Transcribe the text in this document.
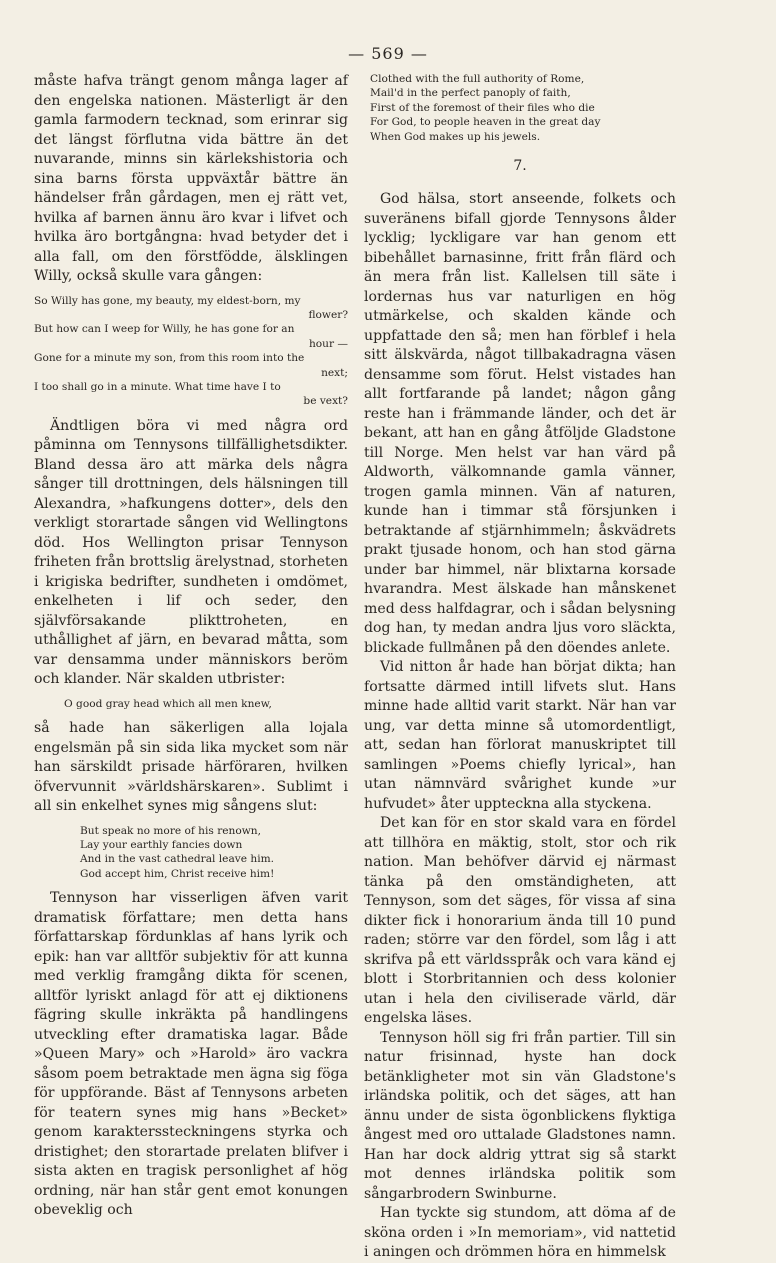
— 569 —

måste hafva trängt genom många lager af den engelska nationen. Mästerligt är den gamla farmodern tecknad, som erinrar sig det längst förflutna vida bättre än det nuvarande, minns sin kärlekshistoria och sina barns första uppväxtår bättre än händelser från gårdagen, men ej rätt vet, hvilka af barnen ännu äro kvar i lifvet och hvilka äro bortgångna: hvad betyder det i alla fall, om den förstfödde, älsklingen Willy, också skulle vara gången:

So Willy has gone, my beauty, my eldest-born, my
flower?
But how can I weep for Willy, he has gone for an
hour —
Gone for a minute my son, from this room into the
next;
I too shall go in a minute. What time have I to
be vext?

Ändtligen böra vi med några ord påminna om Tennysons tillfällighetsdikter. Bland dessa äro att märka dels några sånger till drottningen, dels hälsningen till Alexandra, »hafkungens dotter», dels den verkligt storartade sången vid Wellingtons död. Hos Wellington prisar Tennyson friheten från brottslig ärelystnad, storheten i krigiska bedrifter, sundheten i omdömet, enkelheten i lif och seder, den självförsakande plikttroheten, en uthållighet af järn, en bevarad måtta, som var densamma under människors beröm och klander. När skalden utbrister:

O good gray head which all men knew,

så hade han säkerligen alla lojala engelsmän på sin sida lika mycket som när han särskildt prisade härföraren, hvilken öfvervunnit »världshärskaren». Sublimt i all sin enkelhet synes mig sångens slut:

But speak no more of his renown,
Lay your earthly fancies down
And in the vast cathedral leave him.
God accept him, Christ receive him!

Tennyson har visserligen äfven varit dramatisk författare; men detta hans författarskap fördunklas af hans lyrik och epik: han var alltför subjektiv för att kunna med verklig framgång dikta för scenen, alltför lyriskt anlagd för att ej diktionens fägring skulle inkräkta på handlingens utveckling efter dramatiska lagar. Både »Queen Mary» och »Harold» äro vackra såsom poem betraktade men ägna sig föga för uppförande. Bäst af Tennysons arbeten för teatern synes mig hans »Becket» genom karakterssteckningens styrka och dristighet; den storartade prelaten blifver i sista akten en tragisk personlighet af hög ordning, när han står gent emot konungen obeveklig och

Clothed with the full authority of Rome,
Mail'd in the perfect panoply of faith,
First of the foremost of their files who die
For God, to people heaven in the great day
When God makes up his jewels.
7.

God hälsa, stort anseende, folkets och suveränens bifall gjorde Tennysons ålder lycklig; lyckligare var han genom ett bibehållet barnasinne, fritt från flärd och än mera från list. Kallelsen till säte i lordernas hus var naturligen en hög utmärkelse, och skalden kände och uppfattade den så; men han förblef i hela sitt älskvärda, något tillbakadragna väsen densamme som förut. Helst vistades han allt fortfarande på landet; någon gång reste han i främmande länder, och det är bekant, att han en gång åtföljde Gladstone till Norge. Men helst var han värd på Aldworth, välkomnande gamla vänner, trogen gamla minnen. Vän af naturen, kunde han i timmar stå försjunken i betraktande af stjärnhimmeln; åskvädrets prakt tjusade honom, och han stod gärna under bar himmel, när blixtarna korsade hvarandra. Mest älskade han månskenet med dess halfdagrar, och i sådan belysning dog han, ty medan andra ljus voro släckta, blickade fullmånen på den döendes anlete.

Vid nitton år hade han börjat dikta; han fortsatte därmed intill lifvets slut. Hans minne hade alltid varit starkt. När han var ung, var detta minne så utomordentligt, att, sedan han förlorat manuskriptet till samlingen »Poems chiefly lyrical», han utan nämnvärd svårighet kunde »ur hufvudet» åter uppteckna alla styckena.

Det kan för en stor skald vara en fördel att tillhöra en mäktig, stolt, stor och rik nation. Man behöfver därvid ej närmast tänka på den omständigheten, att Tennyson, som det säges, för vissa af sina dikter fick i honorarium ända till 10 pund raden; större var den fördel, som låg i att skrifva på ett världsspråk och vara känd ej blott i Storbritannien och dess kolonier utan i hela den civiliserade värld, där engelska läses.

Tennyson höll sig fri från partier. Till sin natur frisinnad, hyste han dock betänkligheter mot sin vän Gladstone's irländska politik, och det säges, att han ännu under de sista ögonblickens flyktiga ångest med oro uttalade Gladstones namn. Han har dock aldrig yttrat sig så starkt mot dennes irländska politik som sångarbrodern Swinburne.

Han tyckte sig stundom, att döma af de sköna orden i »In memoriam», vid nattetid i aningen och drömmen höra en himmelsk
